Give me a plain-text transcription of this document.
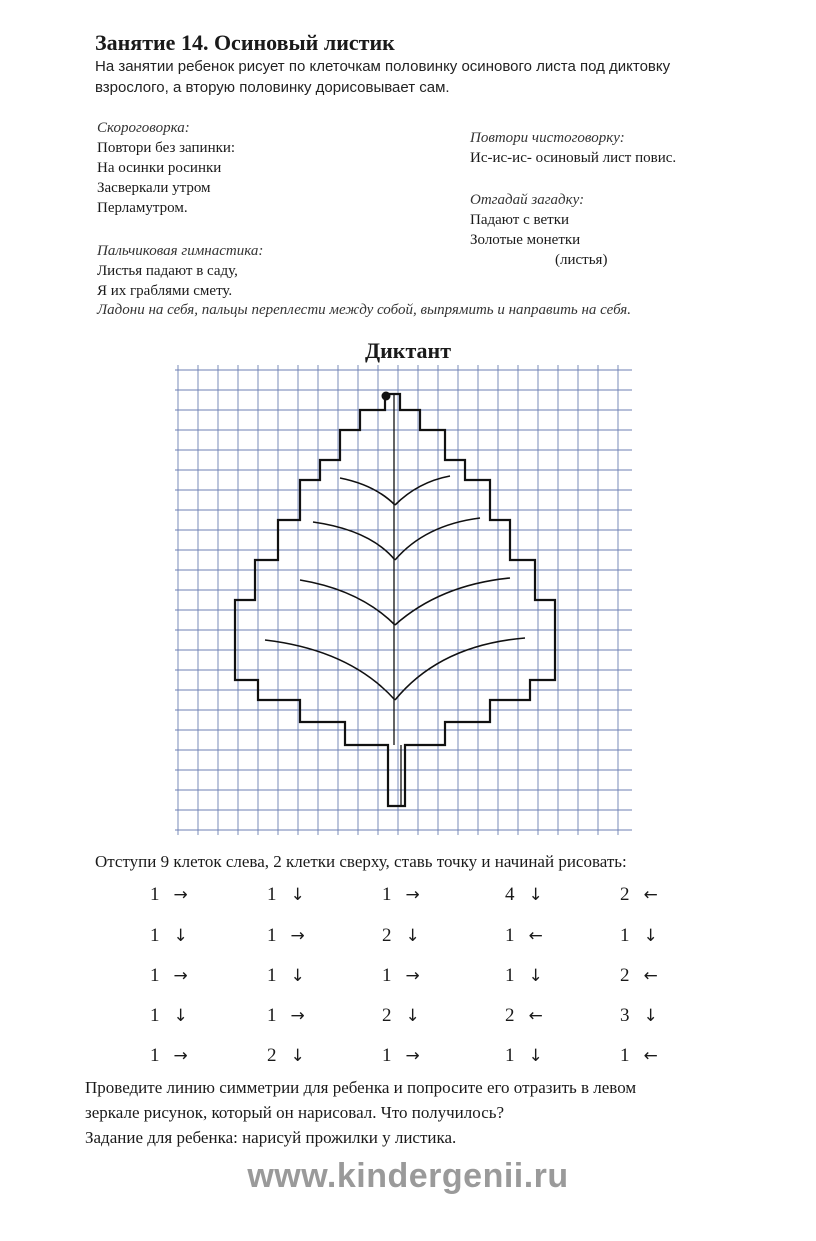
Занятие 14. Осиновый листик
На занятии ребенок рисует по клеточкам половинку осинового листа под диктовку
взрослого, а вторую половинку дорисовывает сам.
Скороговорка:
Повтори без запинки:
На осинки росинки
Засверкали утром
Перламутром.
Повтори чистоговорку:
Ис-ис-ис- осиновый лист повис.
Отгадай загадку:
Падают с ветки
Золотые монетки
(листья)
Пальчиковая гимнастика:
Листья падают в саду,
Я их граблями смету.
Ладони на себя, пальцы переплести между собой, выпрямить и направить на себя.
Диктант
Отступи 9 клеток слева, 2 клетки сверху, ставь точку и начинай рисовать:
1 →	1 ↓	1 →	4 ↓	2 ←
1 ↓	1 →	2 ↓	1 ←	1 ↓
1 →	1 ↓	1 →	1 ↓	2 ←
1 ↓	1 →	2 ↓	2 ←	3 ↓
1 →	2 ↓	1 →	1 ↓	1 ←
Проведите линию симметрии для ребенка и попросите его отразить в левом
зеркале рисунок, который он нарисовал. Что получилось?
Задание для ребенка: нарисуй прожилки у листика.
www.kindergenii.ru
